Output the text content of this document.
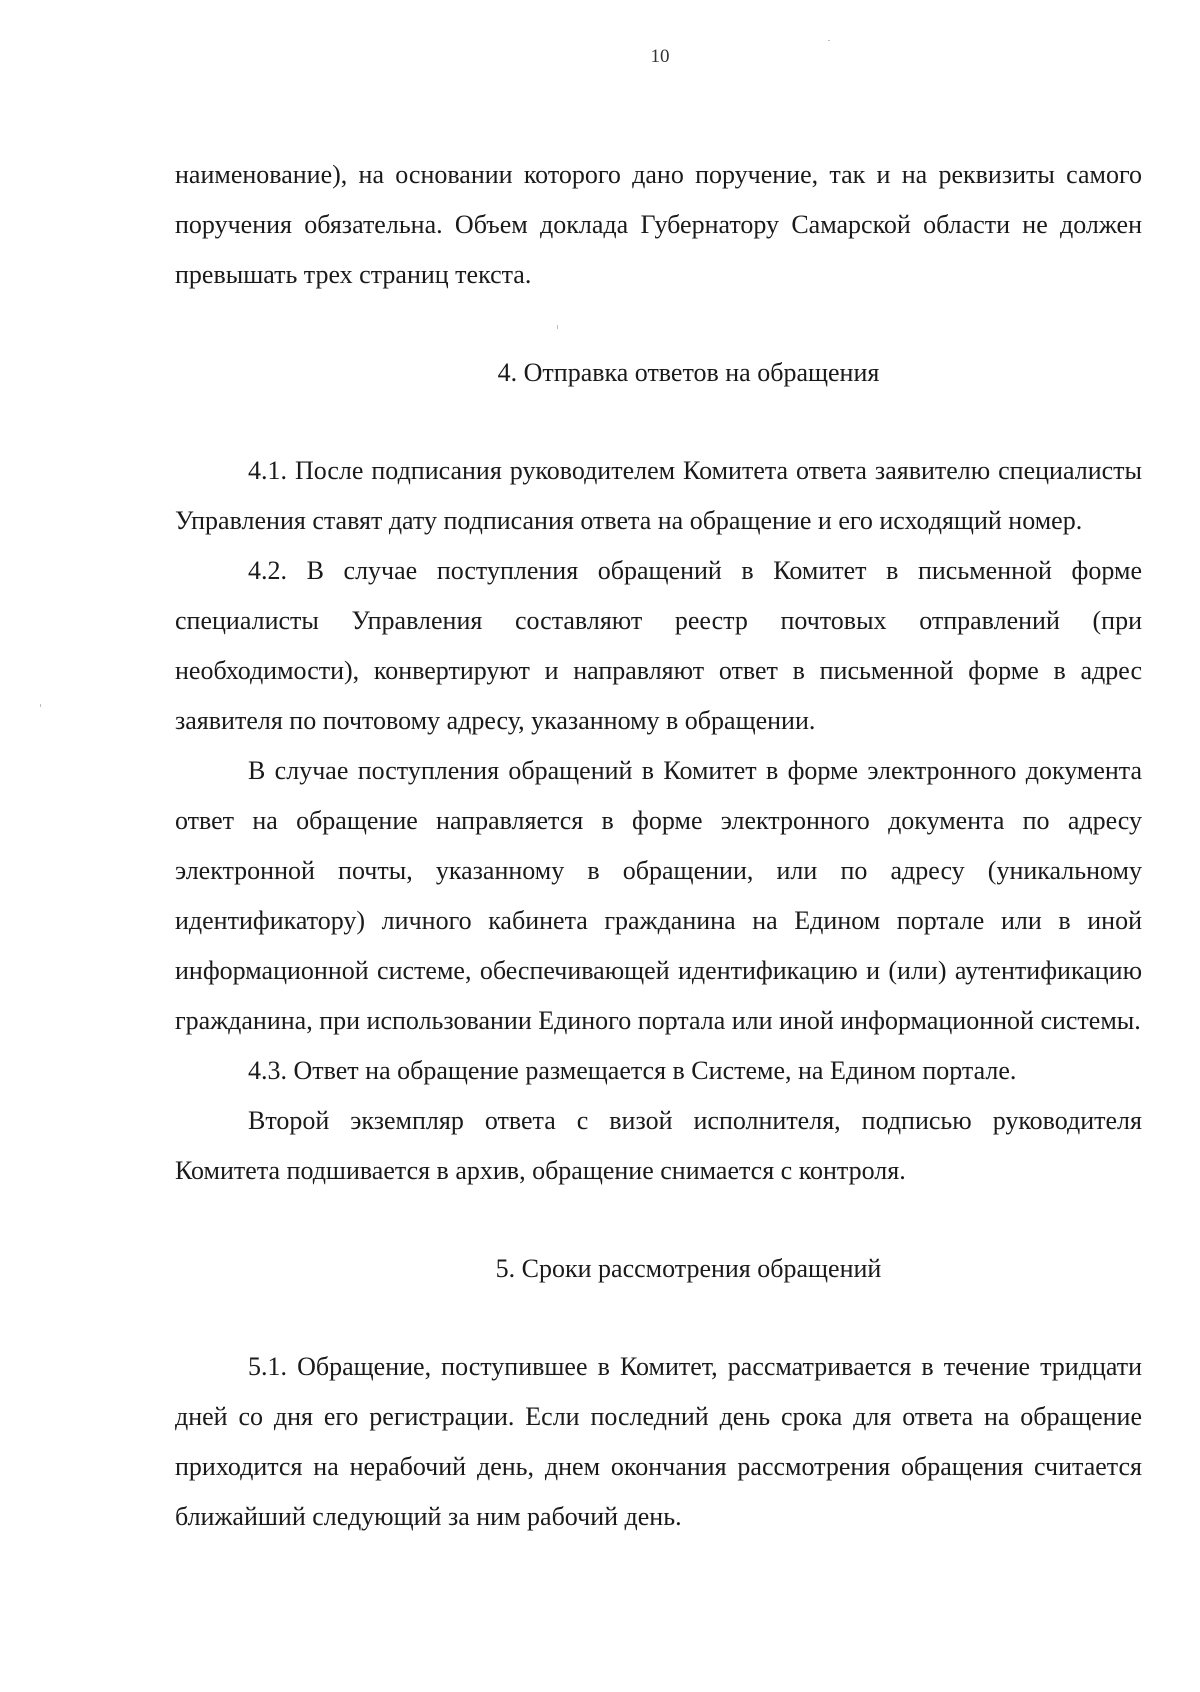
10

наименование), на основании которого дано поручение, так и на реквизиты самого поручения обязательна. Объем доклада Губернатору Самарской области не должен превышать трех страниц текста.

4. Отправка ответов на обращения

4.1. После подписания руководителем Комитета ответа заявителю специалисты Управления ставят дату подписания ответа на обращение и его исходящий номер.

4.2. В случае поступления обращений в Комитет в письменной форме специалисты Управления составляют реестр почтовых отправлений (при необходимости), конвертируют и направляют ответ в письменной форме в адрес заявителя по почтовому адресу, указанному в обращении.

В случае поступления обращений в Комитет в форме электронного документа ответ на обращение направляется в форме электронного документа по адресу электронной почты, указанному в обращении, или по адресу (уникальному идентификатору) личного кабинета гражданина на Едином портале или в иной информационной системе, обеспечивающей идентификацию и (или) аутентификацию гражданина, при использовании Единого портала или иной информационной системы.

4.3. Ответ на обращение размещается в Системе, на Едином портале.

Второй экземпляр ответа с визой исполнителя, подписью руководителя Комитета подшивается в архив, обращение снимается с контроля.

5. Сроки рассмотрения обращений

5.1. Обращение, поступившее в Комитет, рассматривается в течение тридцати дней со дня его регистрации. Если последний день срока для ответа на обращение приходится на нерабочий день, днем окончания рассмотрения обращения считается ближайший следующий за ним рабочий день.
